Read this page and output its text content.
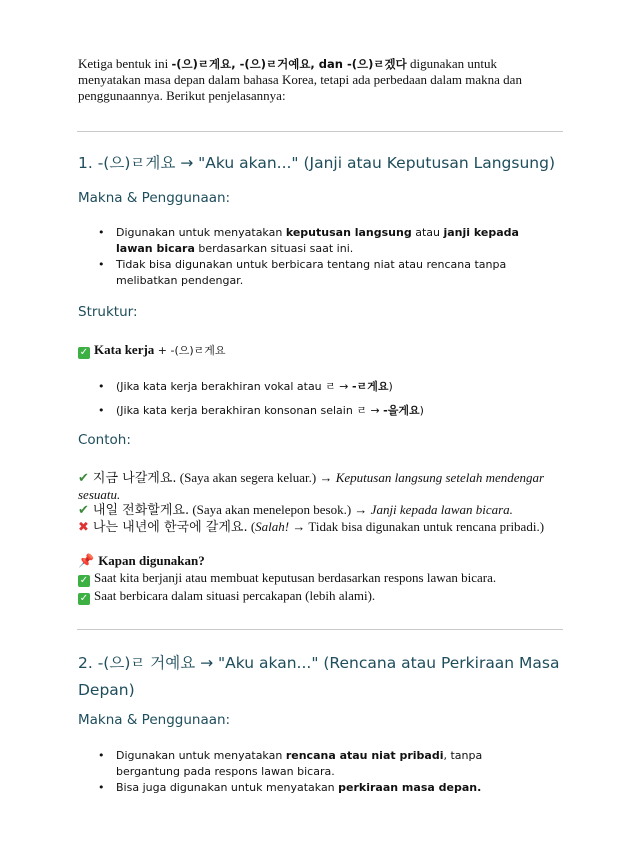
Ketiga bentuk ini -(으)ㄹ게요, -(으)ㄹ거예요, dan -(으)ㄹ겠다 digunakan untuk menyatakan masa depan dalam bahasa Korea, tetapi ada perbedaan dalam makna dan penggunaannya. Berikut penjelasannya:
1. -(으)ㄹ게요 → "Aku akan..." (Janji atau Keputusan Langsung)
Makna & Penggunaan:
• Digunakan untuk menyatakan keputusan langsung atau janji kepada lawan bicara berdasarkan situasi saat ini.
• Tidak bisa digunakan untuk berbicara tentang niat atau rencana tanpa melibatkan pendengar.
Struktur:
✓ Kata kerja + -(으)ㄹ게요
• (Jika kata kerja berakhiran vokal atau ㄹ → -ㄹ게요)
• (Jika kata kerja berakhiran konsonan selain ㄹ → -을게요)
Contoh:
✔ 지금 나갈게요. (Saya akan segera keluar.) → Keputusan langsung setelah mendengar sesuatu.
✔ 내일 전화할게요. (Saya akan menelepon besok.) → Janji kepada lawan bicara.
✖ 나는 내년에 한국에 갈게요. (Salah! → Tidak bisa digunakan untuk rencana pribadi.)
📌 Kapan digunakan?
✓ Saat kita berjanji atau membuat keputusan berdasarkan respons lawan bicara.
✓ Saat berbicara dalam situasi percakapan (lebih alami).
2. -(으)ㄹ 거예요 → "Aku akan..." (Rencana atau Perkiraan Masa
Depan)
Makna & Penggunaan:
• Digunakan untuk menyatakan rencana atau niat pribadi, tanpa bergantung pada respons lawan bicara.
• Bisa juga digunakan untuk menyatakan perkiraan masa depan.
